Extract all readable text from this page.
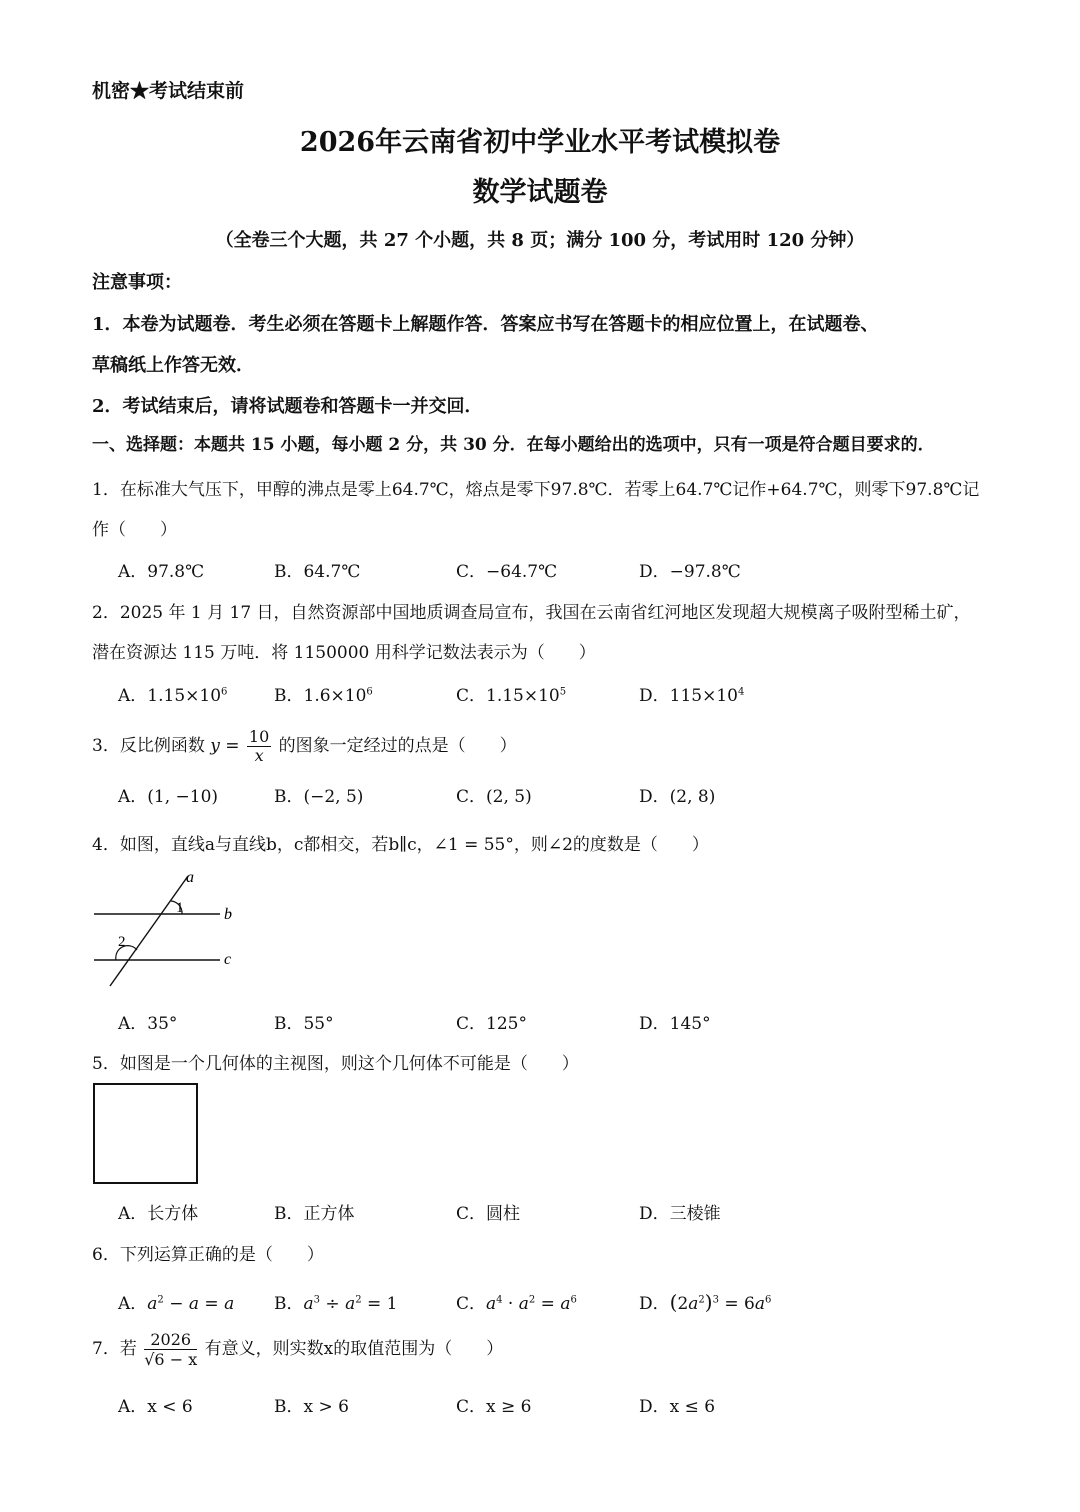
机密★考试结束前
2026年云南省初中学业水平考试模拟卷
数学试题卷
（全卷三个大题，共 27 个小题，共 8 页；满分 100 分，考试用时 120 分钟）
注意事项：
1．本卷为试题卷．考生必须在答题卡上解题作答．答案应书写在答题卡的相应位置上，在试题卷、
草稿纸上作答无效．
2．考试结束后，请将试题卷和答题卡一并交回．
一、选择题：本题共 15 小题，每小题 2 分，共 30 分．在每小题给出的选项中，只有一项是符合题目要求的．
1．在标准大气压下，甲醇的沸点是零上64.7℃，熔点是零下97.8℃．若零上64.7℃记作+64.7℃，则零下97.8℃记
作（　　）
A．97.8℃	B．64.7℃	C．−64.7℃	D．−97.8℃
2．2025 年 1 月 17 日，自然资源部中国地质调查局宣布，我国在云南省红河地区发现超大规模离子吸附型稀土矿，
潜在资源达 115 万吨．将 1150000 用科学记数法表示为（　　）
A．$1.15\times 10^6$	B．$1.6\times 10^6$	C．$1.15\times 10^5$	D．$115\times 10^4$
3．反比例函数 $y = \frac{10}{x}$ 的图象一定经过的点是（　　）
A．(1, −10)	B．(−2, 5)	C．(2, 5)	D．(2, 8)
4．如图，直线a与直线b，c都相交，若b∥c，∠1 = 55°，则∠2的度数是（　　）
a
b
c
1
2
A．35°	B．55°	C．125°	D．145°
5．如图是一个几何体的主视图，则这个几何体不可能是（　　）
A．长方体	B．正方体	C．圆柱	D．三棱锥
6．下列运算正确的是（　　）
A．$a^2 - a = a$ B．$a^3 \div a^2 = 1$	C．$a^4 \cdot a^2 = a^6$	D．$(2a^2)^3 = 6a^6$
7．若 $\frac{2026}{√6 - x}$ 有意义，则实数x的取值范围为（　　）
A．x < 6	B．x > 6	C．x ≥ 6	D．x ≤ 6
